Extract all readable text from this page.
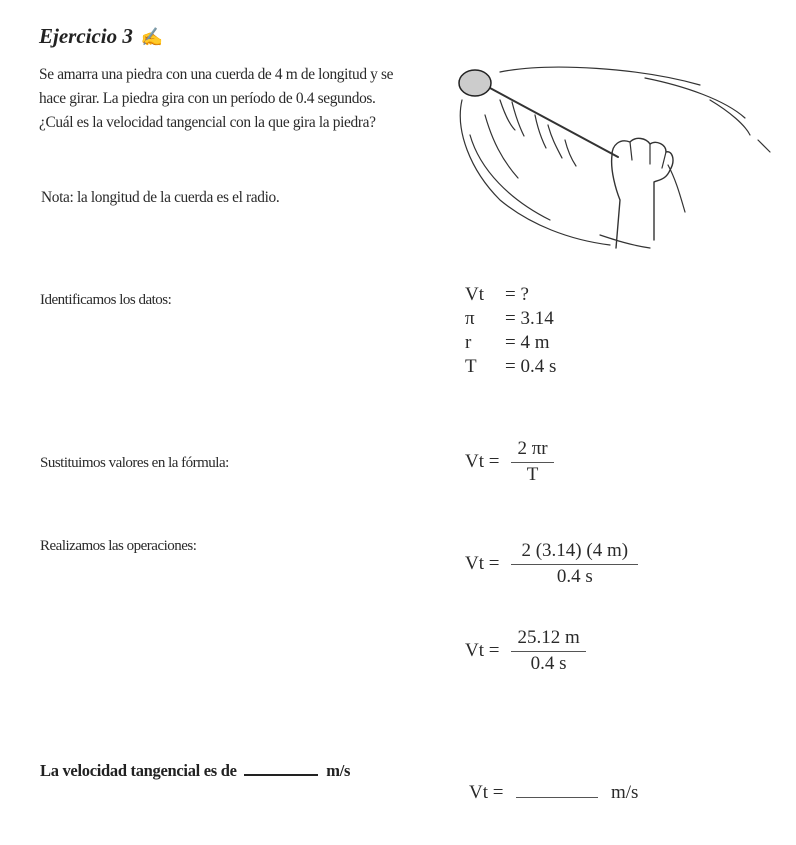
Ejercicio 3 ✍
Se amarra una piedra con una cuerda de 4 m de longitud y se hace girar. La piedra gira con un período de 0.4 segundos. ¿Cuál es la velocidad tangencial con la que gira la piedra?
Nota: la longitud de la cuerda es el radio.
Identificamos los datos:	Vt	= ?
π	= 3.14
r	= 4 m
T	= 0.4 s
Sustituimos valores en la fórmula:	$Vt = \frac{2 \pi r}{T}$
Realizamos las operaciones:
$Vt = \frac{2 (3.14) (4 m)}{0.4 s}$
$Vt = \frac{25.12 m}{0.4 s}$
La velocidad tangencial es de	m/s
Vt =	m/s
